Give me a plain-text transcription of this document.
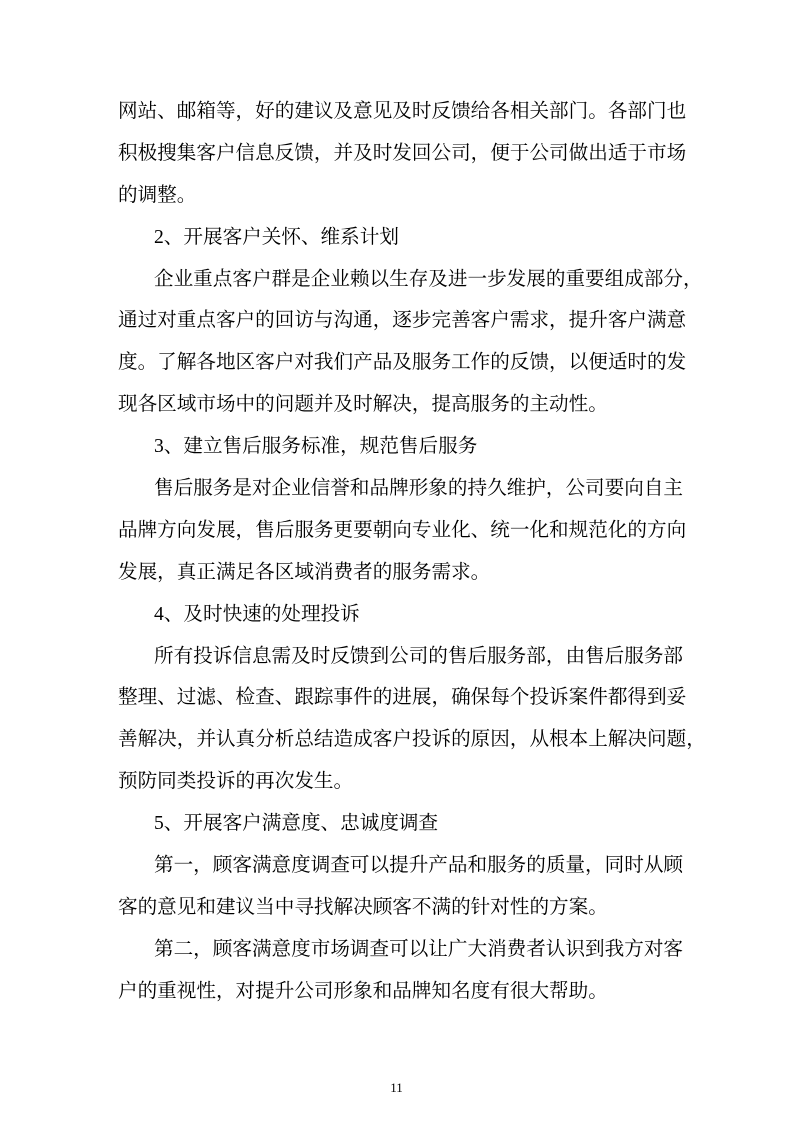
网站、邮箱等，好的建议及意见及时反馈给各相关部门。各部门也
积极搜集客户信息反馈，并及时发回公司，便于公司做出适于市场
的调整。
2、开展客户关怀、维系计划
企业重点客户群是企业赖以生存及进一步发展的重要组成部分，
通过对重点客户的回访与沟通，逐步完善客户需求，提升客户满意
度。了解各地区客户对我们产品及服务工作的反馈，以便适时的发
现各区域市场中的问题并及时解决，提高服务的主动性。
3、建立售后服务标准，规范售后服务
售后服务是对企业信誉和品牌形象的持久维护，公司要向自主
品牌方向发展，售后服务更要朝向专业化、统一化和规范化的方向
发展，真正满足各区域消费者的服务需求。
4、及时快速的处理投诉
所有投诉信息需及时反馈到公司的售后服务部，由售后服务部
整理、过滤、检查、跟踪事件的进展，确保每个投诉案件都得到妥
善解决，并认真分析总结造成客户投诉的原因，从根本上解决问题，
预防同类投诉的再次发生。
5、开展客户满意度、忠诚度调查
第一，顾客满意度调查可以提升产品和服务的质量，同时从顾
客的意见和建议当中寻找解决顾客不满的针对性的方案。
第二，顾客满意度市场调查可以让广大消费者认识到我方对客
户的重视性，对提升公司形象和品牌知名度有很大帮助。
11
